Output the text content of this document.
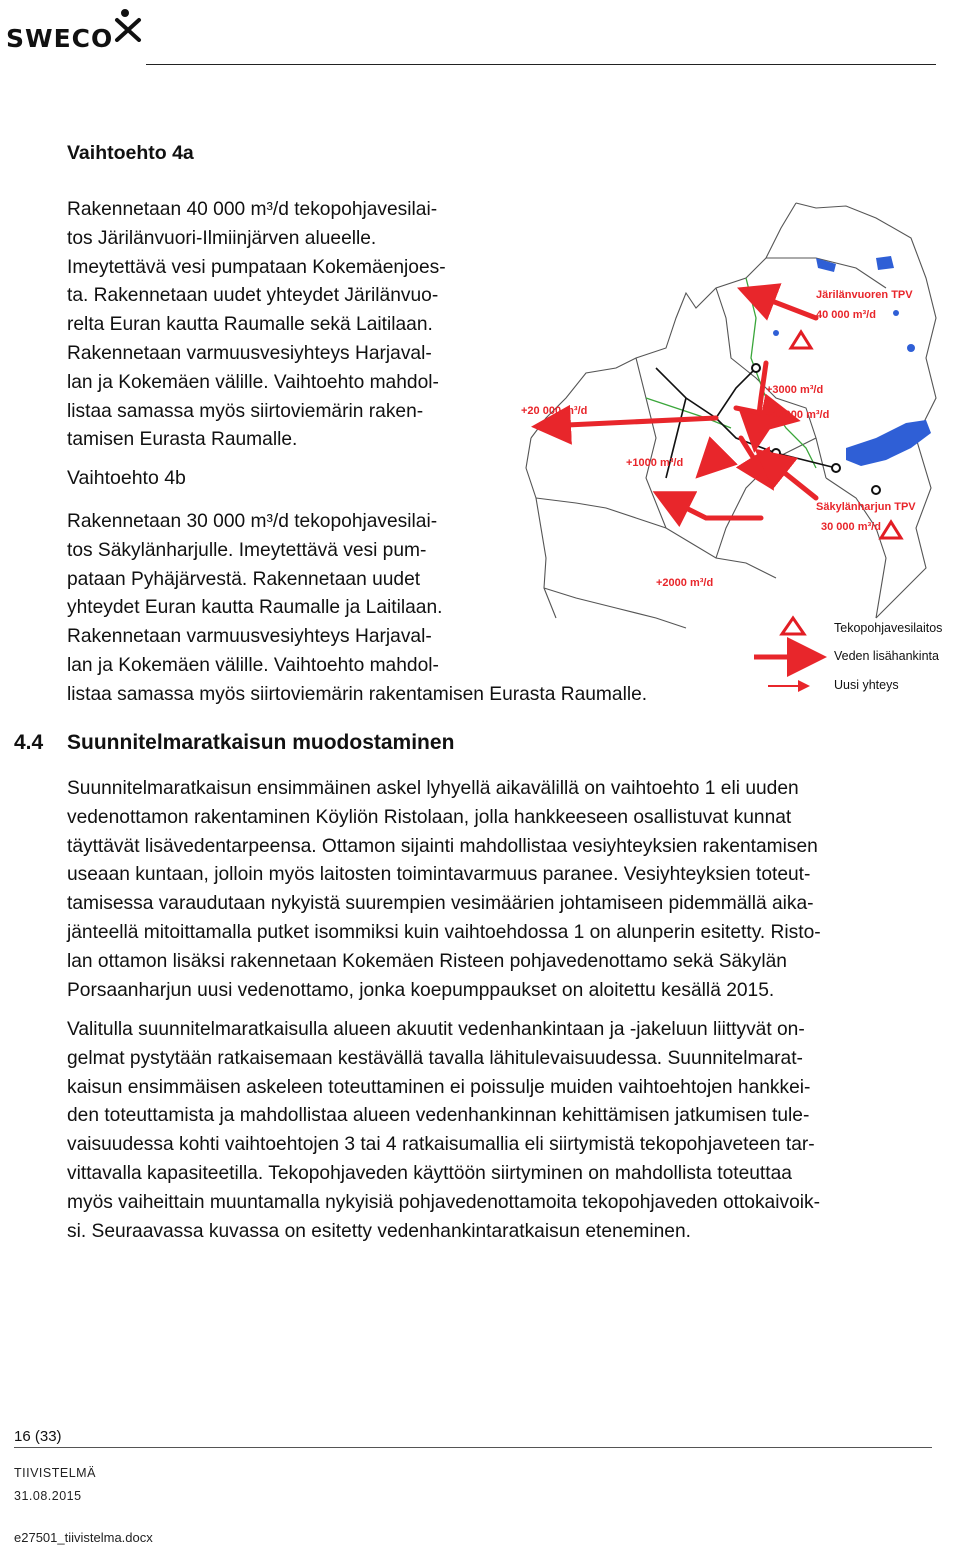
SWECO
Vaihtoehto 4a
Rakennetaan 40 000 m³/d tekopohjavesilai-
tos Järilänvuori-Ilmiinjärven alueelle.
Imeytettävä vesi pumpataan Kokemäenjoes-
ta. Rakennetaan uudet yhteydet Järilänvuo-
relta Euran kautta Raumalle sekä Laitilaan.
Rakennetaan varmuusvesiyhteys Harjaval-
lan ja Kokemäen välille. Vaihtoehto mahdol-
listaa samassa myös siirtoviemärin raken-
tamisen Eurasta Raumalle.
Vaihtoehto 4b
Rakennetaan 30 000 m³/d tekopohjavesilai-
tos Säkylänharjulle. Imeytettävä vesi pum-
pataan Pyhäjärvestä. Rakennetaan uudet
yhteydet Euran kautta Raumalle ja Laitilaan.
Rakennetaan varmuusvesiyhteys Harjaval-
lan ja Kokemäen välille. Vaihtoehto mahdol-
listaa samassa myös siirtoviemärin rakentamisen Eurasta Raumalle.
Järilänvuoren TPV
40 000 m³/d
+3000 m³/d
+20 000 m³/d	+10000 m³/d
+1000 m³/d
Säkylänharjun TPV
30 000 m³/d
+2000 m³/d
Tekopohjavesilaitos
Veden lisähankinta
Uusi yhteys
4.4 Suunnitelmaratkaisun muodostaminen
Suunnitelmaratkaisun ensimmäinen askel lyhyellä aikavälillä on vaihtoehto 1 eli uuden
vedenottamon rakentaminen Köyliön Ristolaan, jolla hankkeeseen osallistuvat kunnat
täyttävät lisävedentarpeensa. Ottamon sijainti mahdollistaa vesiyhteyksien rakentamisen
useaan kuntaan, jolloin myös laitosten toimintavarmuus paranee. Vesiyhteyksien toteut-
tamisessa varaudutaan nykyistä suurempien vesimäärien johtamiseen pidemmällä aika-
jänteellä mitoittamalla putket isommiksi kuin vaihtoehdossa 1 on alunperin esitetty. Risto-
lan ottamon lisäksi rakennetaan Kokemäen Risteen pohjavedenottamo sekä Säkylän
Porsaanharjun uusi vedenottamo, jonka koepumppaukset on aloitettu kesällä 2015.
Valitulla suunnitelmaratkaisulla alueen akuutit vedenhankintaan ja -jakeluun liittyvät on-
gelmat pystytään ratkaisemaan kestävällä tavalla lähitulevaisuudessa. Suunnitelmarat-
kaisun ensimmäisen askeleen toteuttaminen ei poissulje muiden vaihtoehtojen hankkei-
den toteuttamista ja mahdollistaa alueen vedenhankinnan kehittämisen jatkumisen tule-
vaisuudessa kohti vaihtoehtojen 3 tai 4 ratkaisumallia eli siirtymistä tekopohjaveteen tar-
vittavalla kapasiteetilla. Tekopohjaveden käyttöön siirtyminen on mahdollista toteuttaa
myös vaiheittain muuntamalla nykyisiä pohjavedenottamoita tekopohjaveden ottokaivoik-
si. Seuraavassa kuvassa on esitetty vedenhankintaratkaisun eteneminen.
16 (33)
TIIVISTELMÄ
31.08.2015
e27501_tiivistelma.docx
